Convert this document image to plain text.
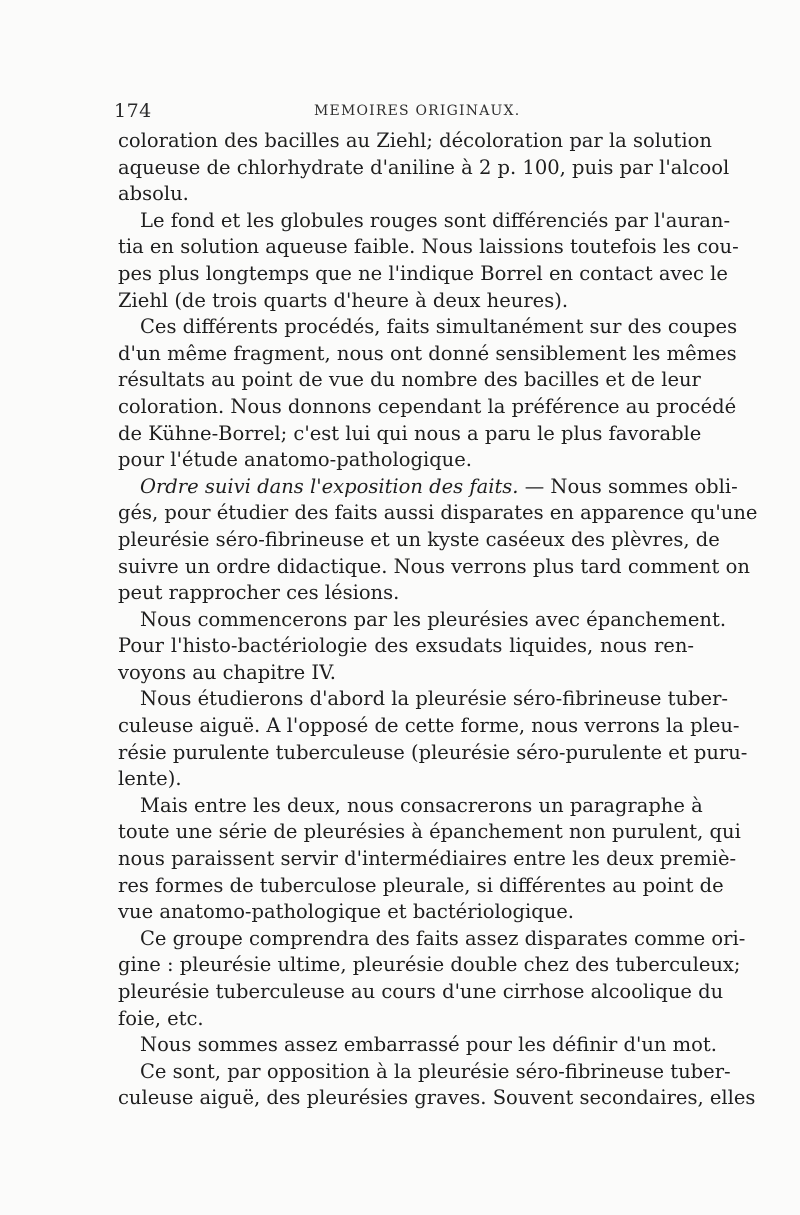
174	MEMOIRES ORIGINAUX.
coloration des bacilles au Ziehl; décoloration par la solution
aqueuse de chlorhydrate d'aniline à 2 p. 100, puis par l'alcool
absolu.
Le fond et les globules rouges sont différenciés par l'auran-
tia en solution aqueuse faible. Nous laissions toutefois les cou-
pes plus longtemps que ne l'indique Borrel en contact avec le
Ziehl (de trois quarts d'heure à deux heures).
Ces différents procédés, faits simultanément sur des coupes
d'un même fragment, nous ont donné sensiblement les mêmes
résultats au point de vue du nombre des bacilles et de leur
coloration. Nous donnons cependant la préférence au procédé
de Kühne-Borrel; c'est lui qui nous a paru le plus favorable
pour l'étude anatomo-pathologique.
Ordre suivi dans l'exposition des faits. — Nous sommes obli-
gés, pour étudier des faits aussi disparates en apparence qu'une
pleurésie séro-fibrineuse et un kyste caséeux des plèvres, de
suivre un ordre didactique. Nous verrons plus tard comment on
peut rapprocher ces lésions.
Nous commencerons par les pleurésies avec épanchement.
Pour l'histo-bactériologie des exsudats liquides, nous ren-
voyons au chapitre IV.
Nous étudierons d'abord la pleurésie séro-fibrineuse tuber-
culeuse aiguë. A l'opposé de cette forme, nous verrons la pleu-
résie purulente tuberculeuse (pleurésie séro-purulente et puru-
lente).
Mais entre les deux, nous consacrerons un paragraphe à
toute une série de pleurésies à épanchement non purulent, qui
nous paraissent servir d'intermédiaires entre les deux premiè-
res formes de tuberculose pleurale, si différentes au point de
vue anatomo-pathologique et bactériologique.
Ce groupe comprendra des faits assez disparates comme ori-
gine : pleurésie ultime, pleurésie double chez des tuberculeux;
pleurésie tuberculeuse au cours d'une cirrhose alcoolique du
foie, etc.
Nous sommes assez embarrassé pour les définir d'un mot.
Ce sont, par opposition à la pleurésie séro-fibrineuse tuber-
culeuse aiguë, des pleurésies graves. Souvent secondaires, elles
